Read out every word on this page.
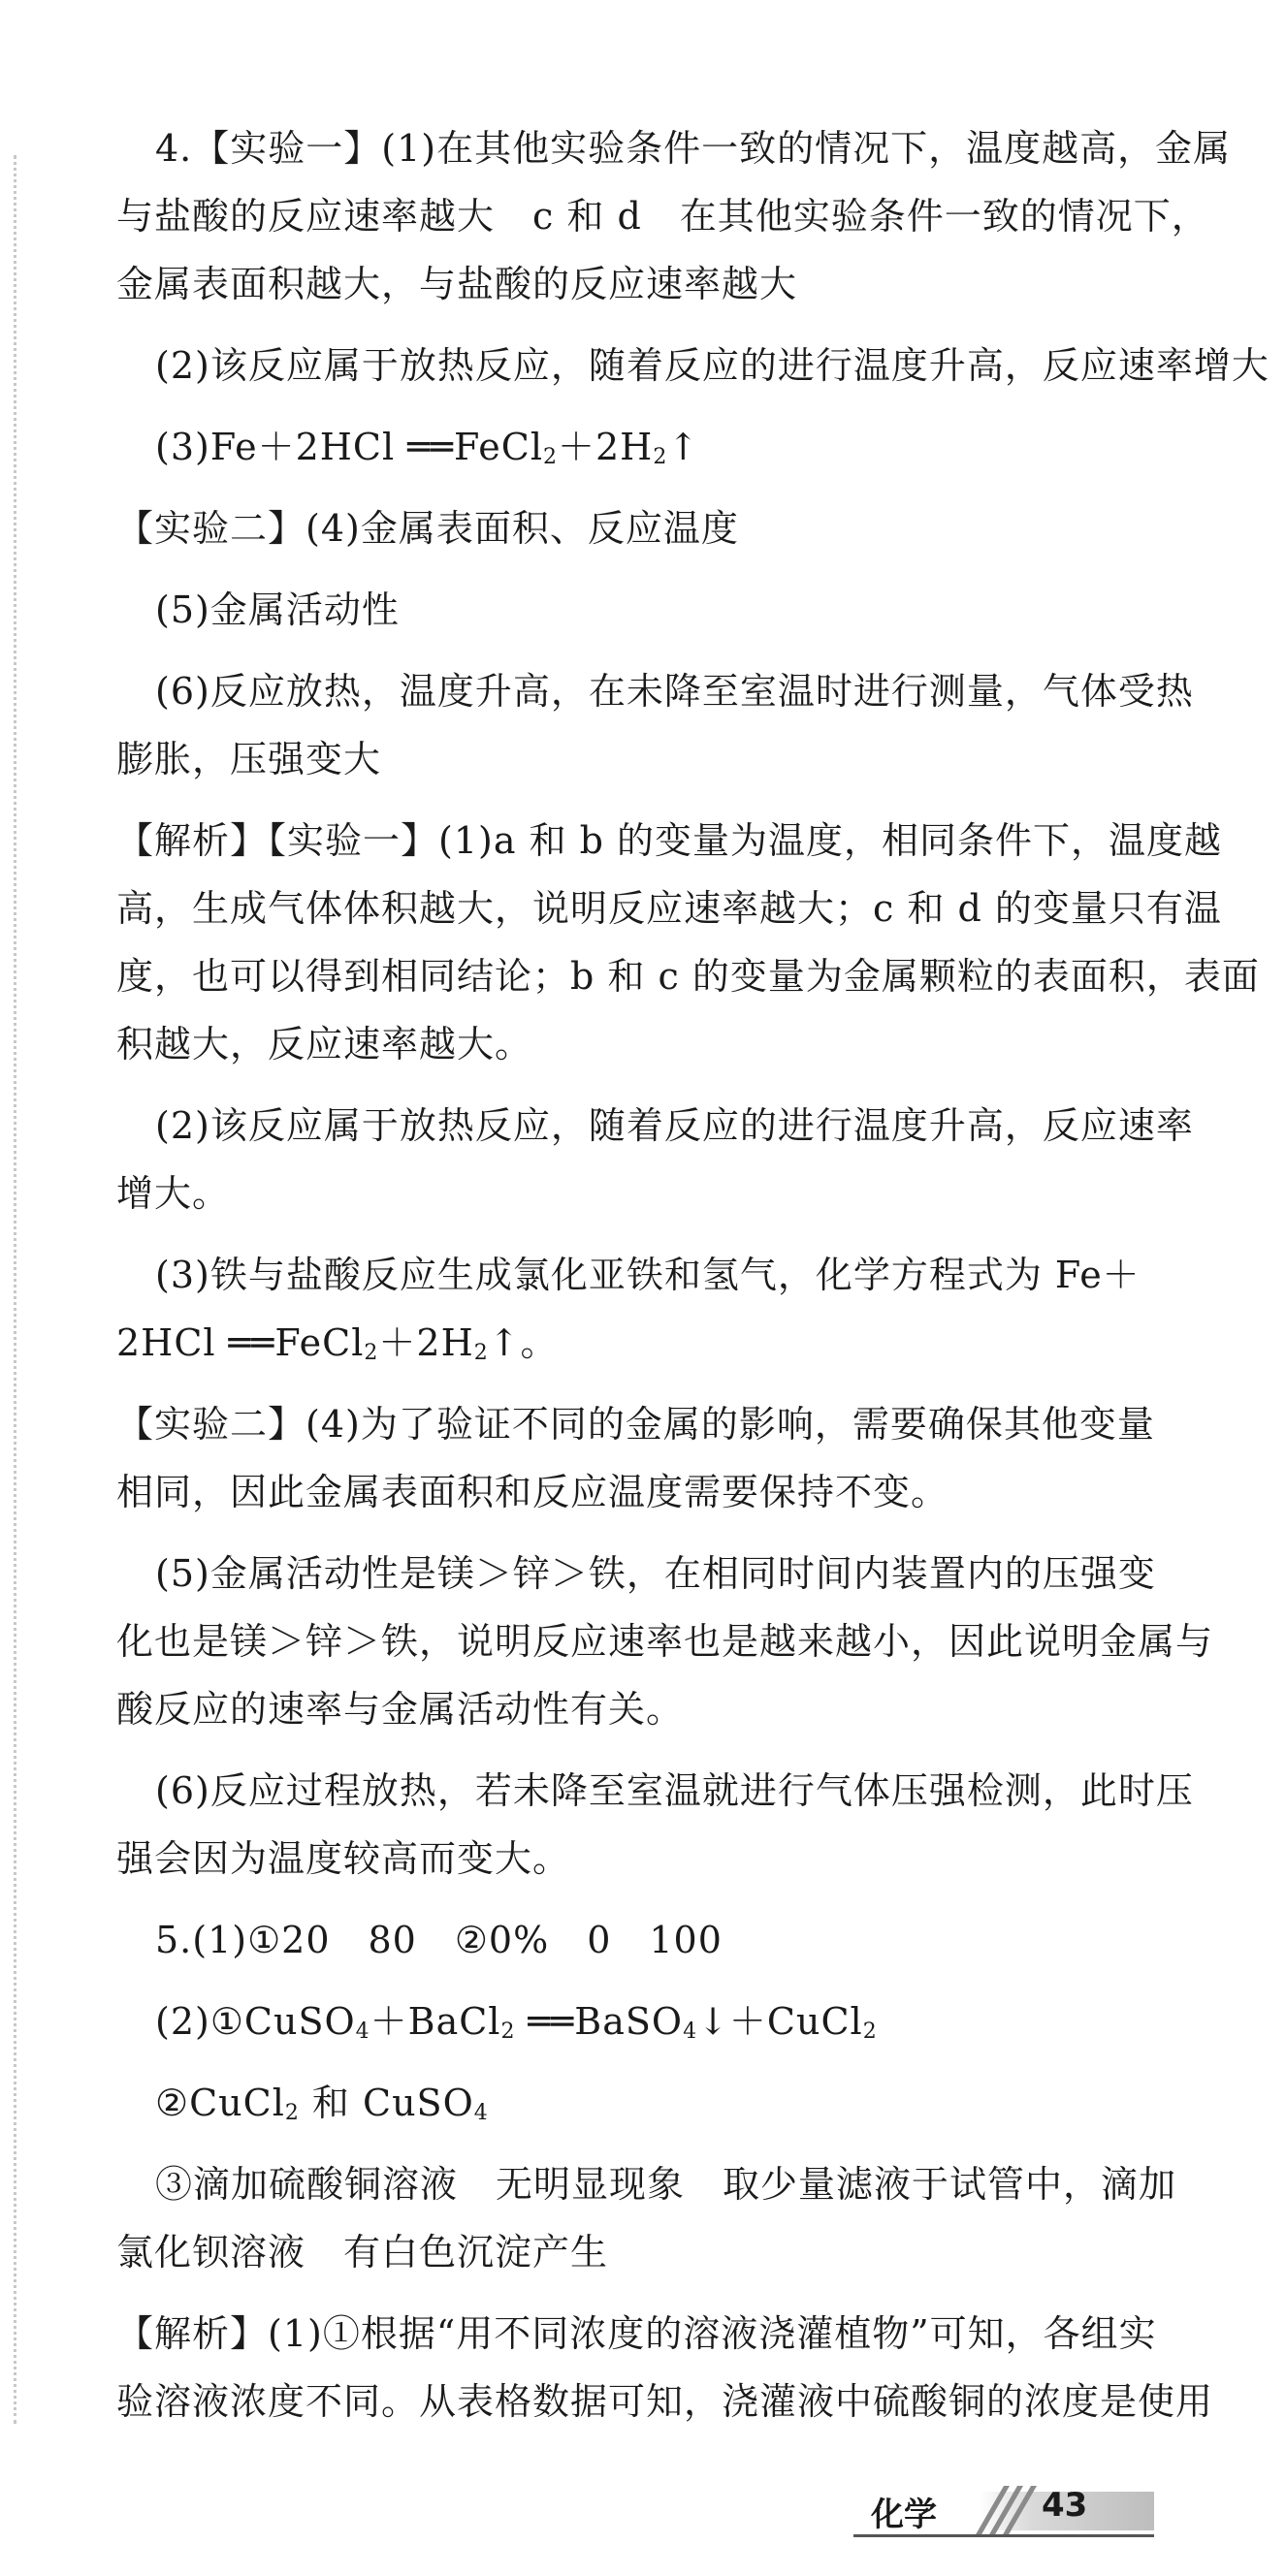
4.【实验一】(1)在其他实验条件一致的情况下，温度越高，金属
与盐酸的反应速率越大　c 和 d　在其他实验条件一致的情况下，
金属表面积越大，与盐酸的反应速率越大
(2)该反应属于放热反应，随着反应的进行温度升高，反应速率增大
(3)Fe＋2HCl $══FeCl_2+2H_2↑$
【实验二】(4)金属表面积、反应温度
(5)金属活动性
(6)反应放热，温度升高，在未降至室温时进行测量，气体受热
膨胀，压强变大
【解析】【实验一】(1)a 和 b 的变量为温度，相同条件下，温度越
高，生成气体体积越大，说明反应速率越大；c 和 d 的变量只有温
度，也可以得到相同结论；b 和 c 的变量为金属颗粒的表面积，表面
积越大，反应速率越大。
(2)该反应属于放热反应，随着反应的进行温度升高，反应速率
增大。
(3)铁与盐酸反应生成氯化亚铁和氢气，化学方程式为 Fe＋
2HCl $══FeCl_2+2H_2↑$。
【实验二】(4)为了验证不同的金属的影响，需要确保其他变量
相同，因此金属表面积和反应温度需要保持不变。
(5)金属活动性是镁＞锌＞铁，在相同时间内装置内的压强变
化也是镁＞锌＞铁，说明反应速率也是越来越小，因此说明金属与
酸反应的速率与金属活动性有关。
(6)反应过程放热，若未降至室温就进行气体压强检测，此时压
强会因为温度较高而变大。
5.(1)①20　80　②0%　0　100
(2)①CuSO$_4$＋BaCl$_2$ ══BaSO$_4$↓＋CuCl$_2$
②CuCl$_2$ 和 CuSO$_4$
③滴加硫酸铜溶液　无明显现象　取少量滤液于试管中，滴加
氯化钡溶液　有白色沉淀产生
【解析】(1)①根据“用不同浓度的溶液浇灌植物”可知，各组实
验溶液浓度不同。从表格数据可知，浇灌液中硫酸铜的浓度是使用
化学	43
